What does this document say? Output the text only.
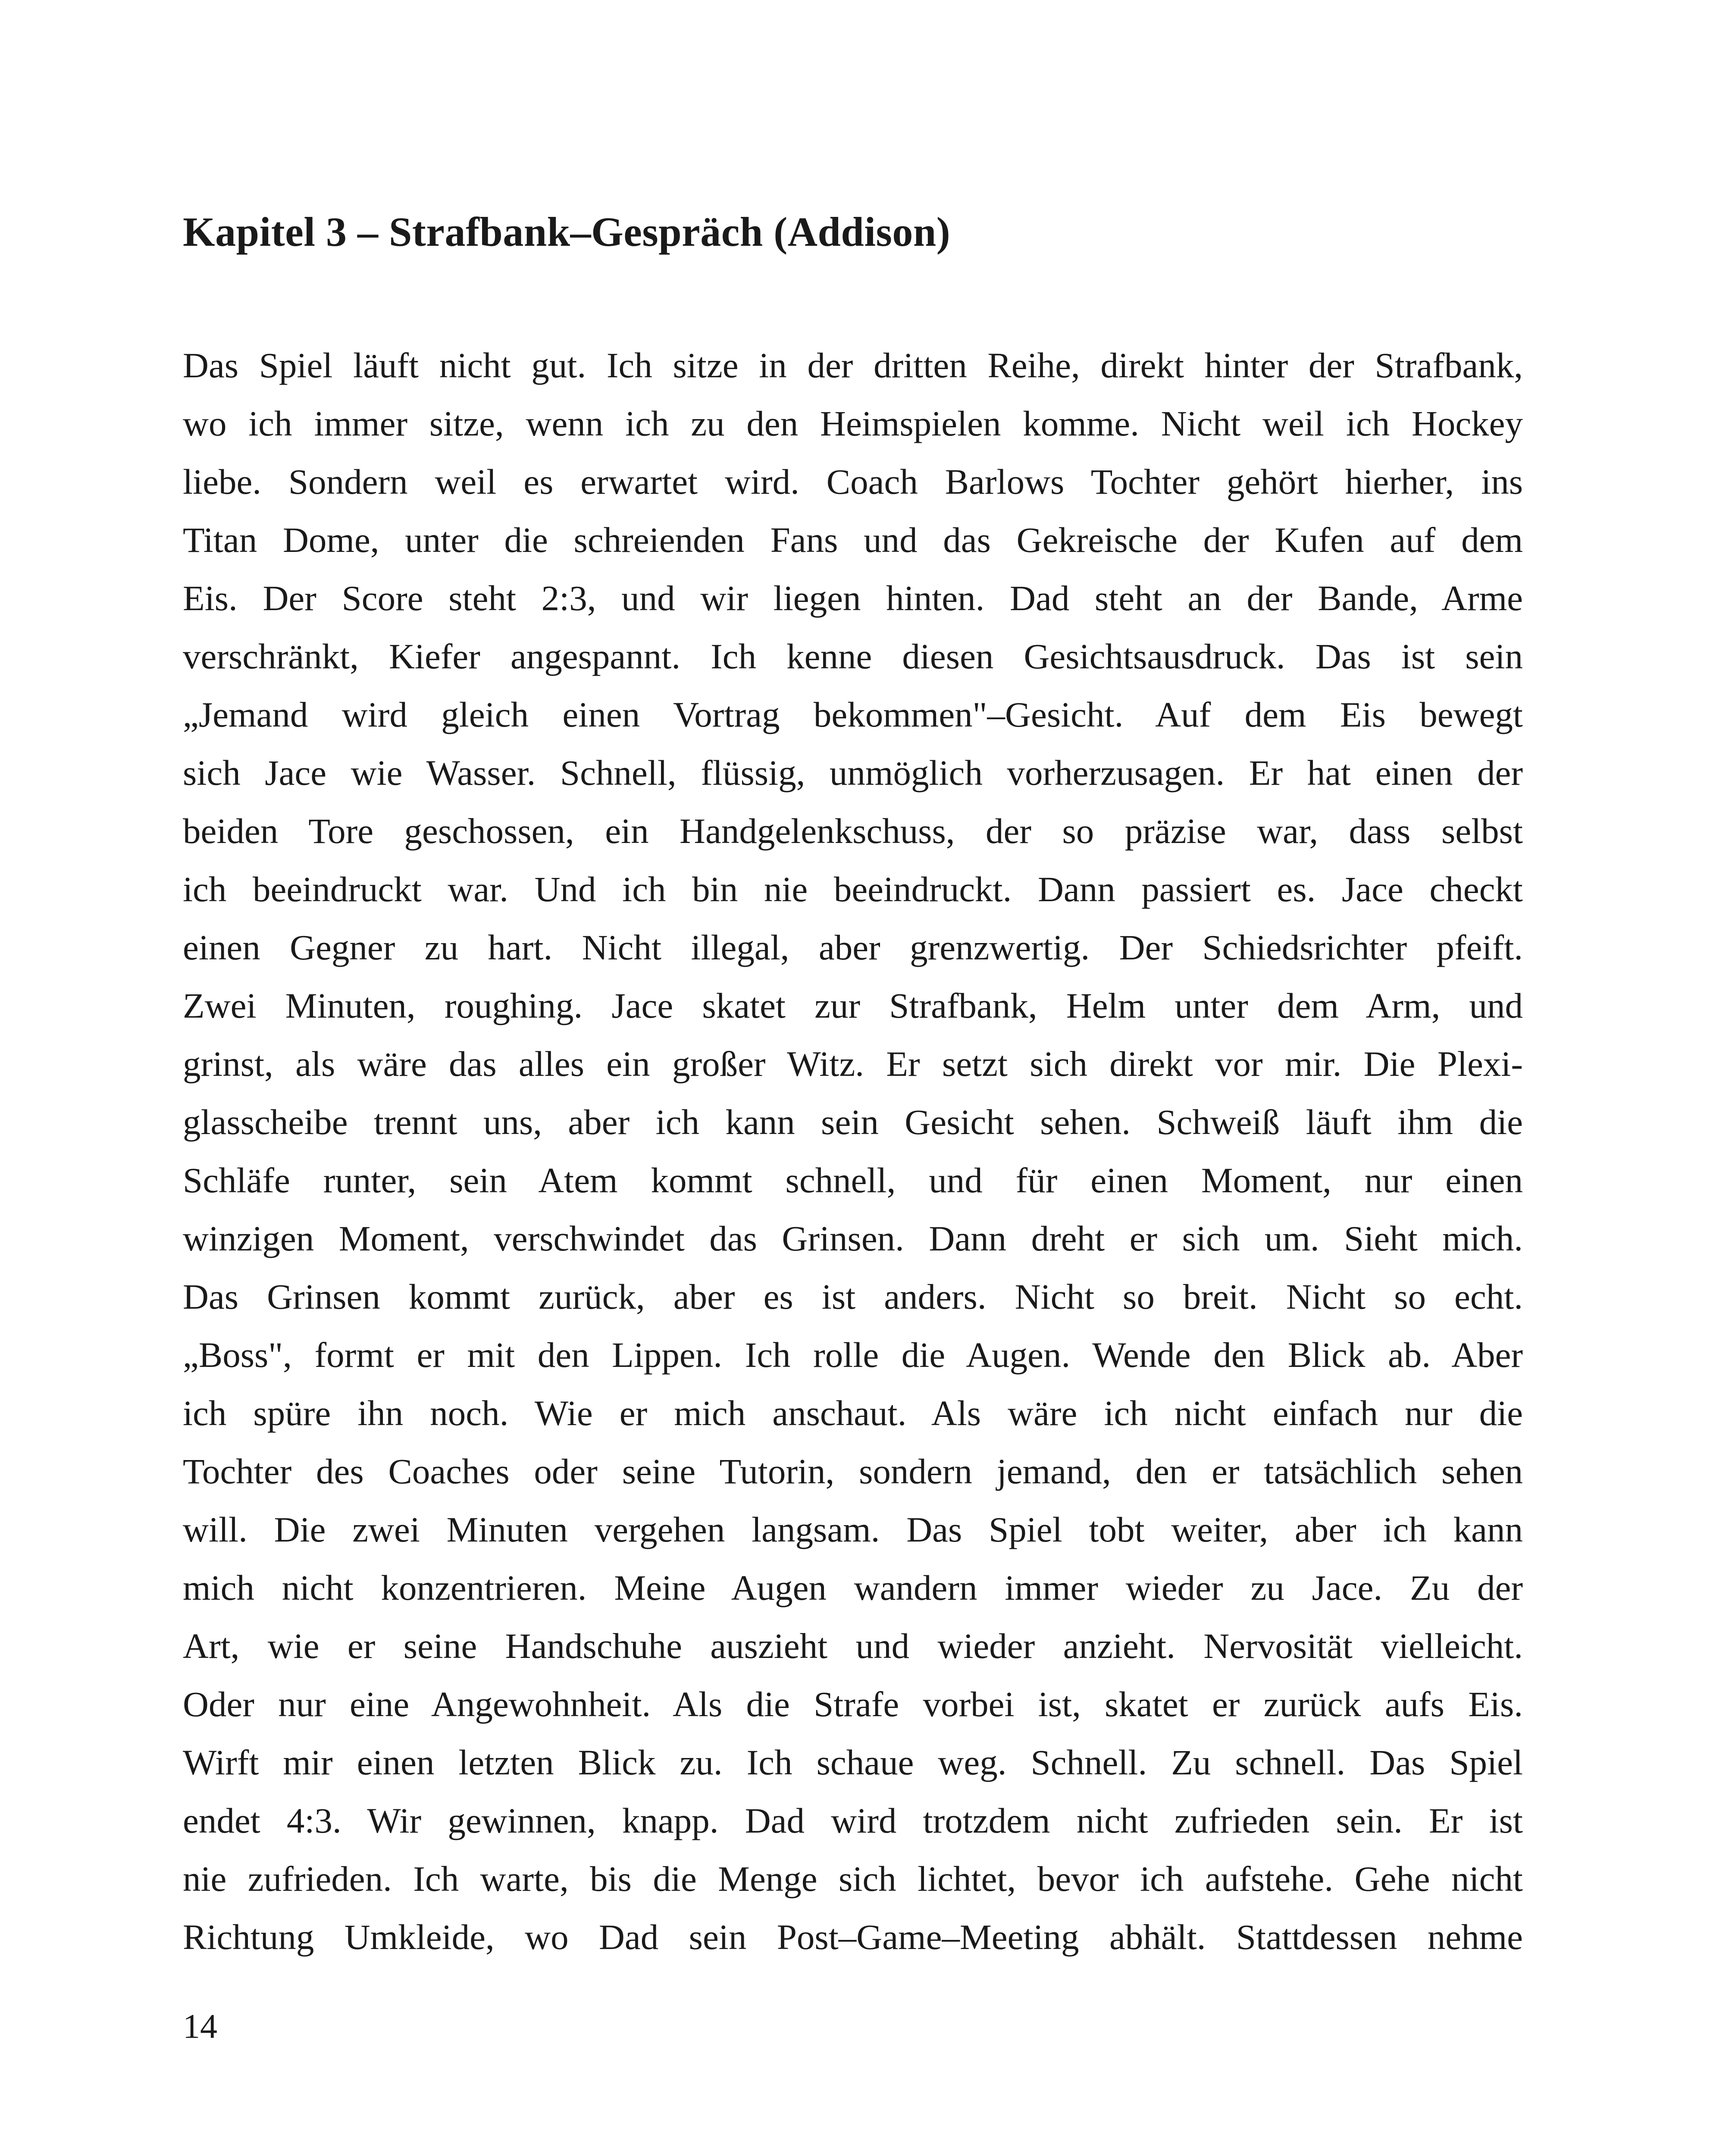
Kapitel 3 – Strafbank–Gespräch (Addison)
Das Spiel läuft nicht gut. Ich sitze in der dritten Reihe, direkt hinter der Strafbank,
wo ich immer sitze, wenn ich zu den Heimspielen komme. Nicht weil ich Hockey
liebe. Sondern weil es erwartet wird. Coach Barlows Tochter gehört hierher, ins
Titan Dome, unter die schreienden Fans und das Gekreische der Kufen auf dem
Eis. Der Score steht 2:3, und wir liegen hinten. Dad steht an der Bande, Arme
verschränkt, Kiefer angespannt. Ich kenne diesen Gesichtsausdruck. Das ist sein
„Jemand wird gleich einen Vortrag bekommen"–Gesicht. Auf dem Eis bewegt
sich Jace wie Wasser. Schnell, flüssig, unmöglich vorherzusagen. Er hat einen der
beiden Tore geschossen, ein Handgelenkschuss, der so präzise war, dass selbst
ich beeindruckt war. Und ich bin nie beeindruckt. Dann passiert es. Jace checkt
einen Gegner zu hart. Nicht illegal, aber grenzwertig. Der Schiedsrichter pfeift.
Zwei Minuten, roughing. Jace skatet zur Strafbank, Helm unter dem Arm, und
grinst, als wäre das alles ein großer Witz. Er setzt sich direkt vor mir. Die Plexi-
glasscheibe trennt uns, aber ich kann sein Gesicht sehen. Schweiß läuft ihm die
Schläfe runter, sein Atem kommt schnell, und für einen Moment, nur einen
winzigen Moment, verschwindet das Grinsen. Dann dreht er sich um. Sieht mich.
Das Grinsen kommt zurück, aber es ist anders. Nicht so breit. Nicht so echt.
„Boss", formt er mit den Lippen. Ich rolle die Augen. Wende den Blick ab. Aber
ich spüre ihn noch. Wie er mich anschaut. Als wäre ich nicht einfach nur die
Tochter des Coaches oder seine Tutorin, sondern jemand, den er tatsächlich sehen
will. Die zwei Minuten vergehen langsam. Das Spiel tobt weiter, aber ich kann
mich nicht konzentrieren. Meine Augen wandern immer wieder zu Jace. Zu der
Art, wie er seine Handschuhe auszieht und wieder anzieht. Nervosität vielleicht.
Oder nur eine Angewohnheit. Als die Strafe vorbei ist, skatet er zurück aufs Eis.
Wirft mir einen letzten Blick zu. Ich schaue weg. Schnell. Zu schnell. Das Spiel
endet 4:3. Wir gewinnen, knapp. Dad wird trotzdem nicht zufrieden sein. Er ist
nie zufrieden. Ich warte, bis die Menge sich lichtet, bevor ich aufstehe. Gehe nicht
Richtung Umkleide, wo Dad sein Post–Game–Meeting abhält. Stattdessen nehme
14
